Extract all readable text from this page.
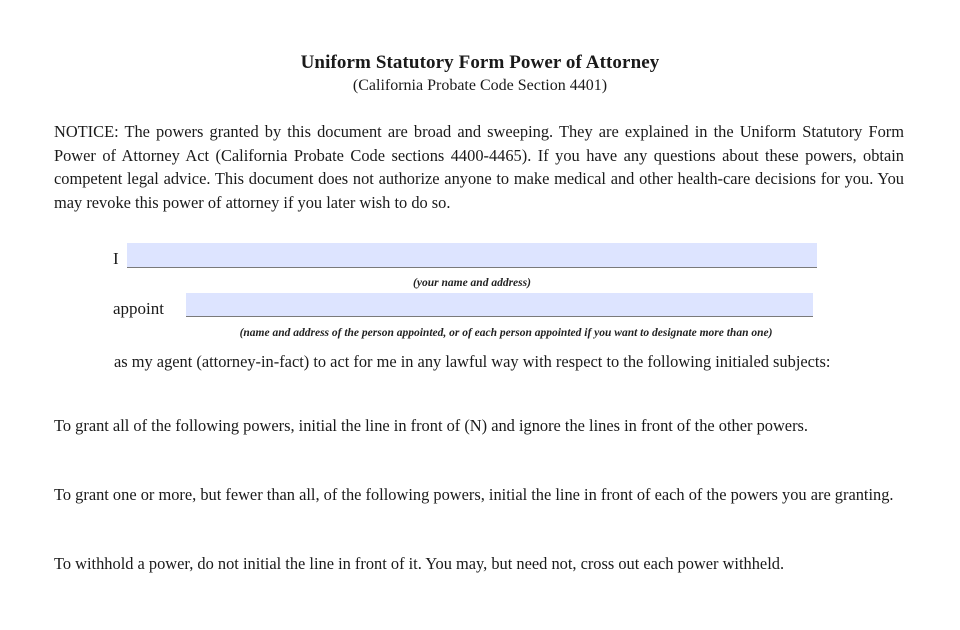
Uniform Statutory Form Power of Attorney
(California Probate Code Section 4401)

NOTICE: The powers granted by this document are broad and sweeping. They are explained in the Uniform Statutory Form Power of Attorney Act (California Probate Code sections 4400-4465). If you have any questions about these powers, obtain competent legal advice. This document does not authorize anyone to make medical and other health-care decisions for you. You may revoke this power of attorney if you later wish to do so.

I
(your name and address)
appoint
(name and address of the person appointed, or of each person appointed if you want to designate more than one)

as my agent (attorney-in-fact) to act for me in any lawful way with respect to the following initialed subjects:

To grant all of the following powers, initial the line in front of (N) and ignore the lines in front of the other powers.

To grant one or more, but fewer than all, of the following powers, initial the line in front of each of the powers you are granting.

To withhold a power, do not initial the line in front of it. You may, but need not, cross out each power withheld.
